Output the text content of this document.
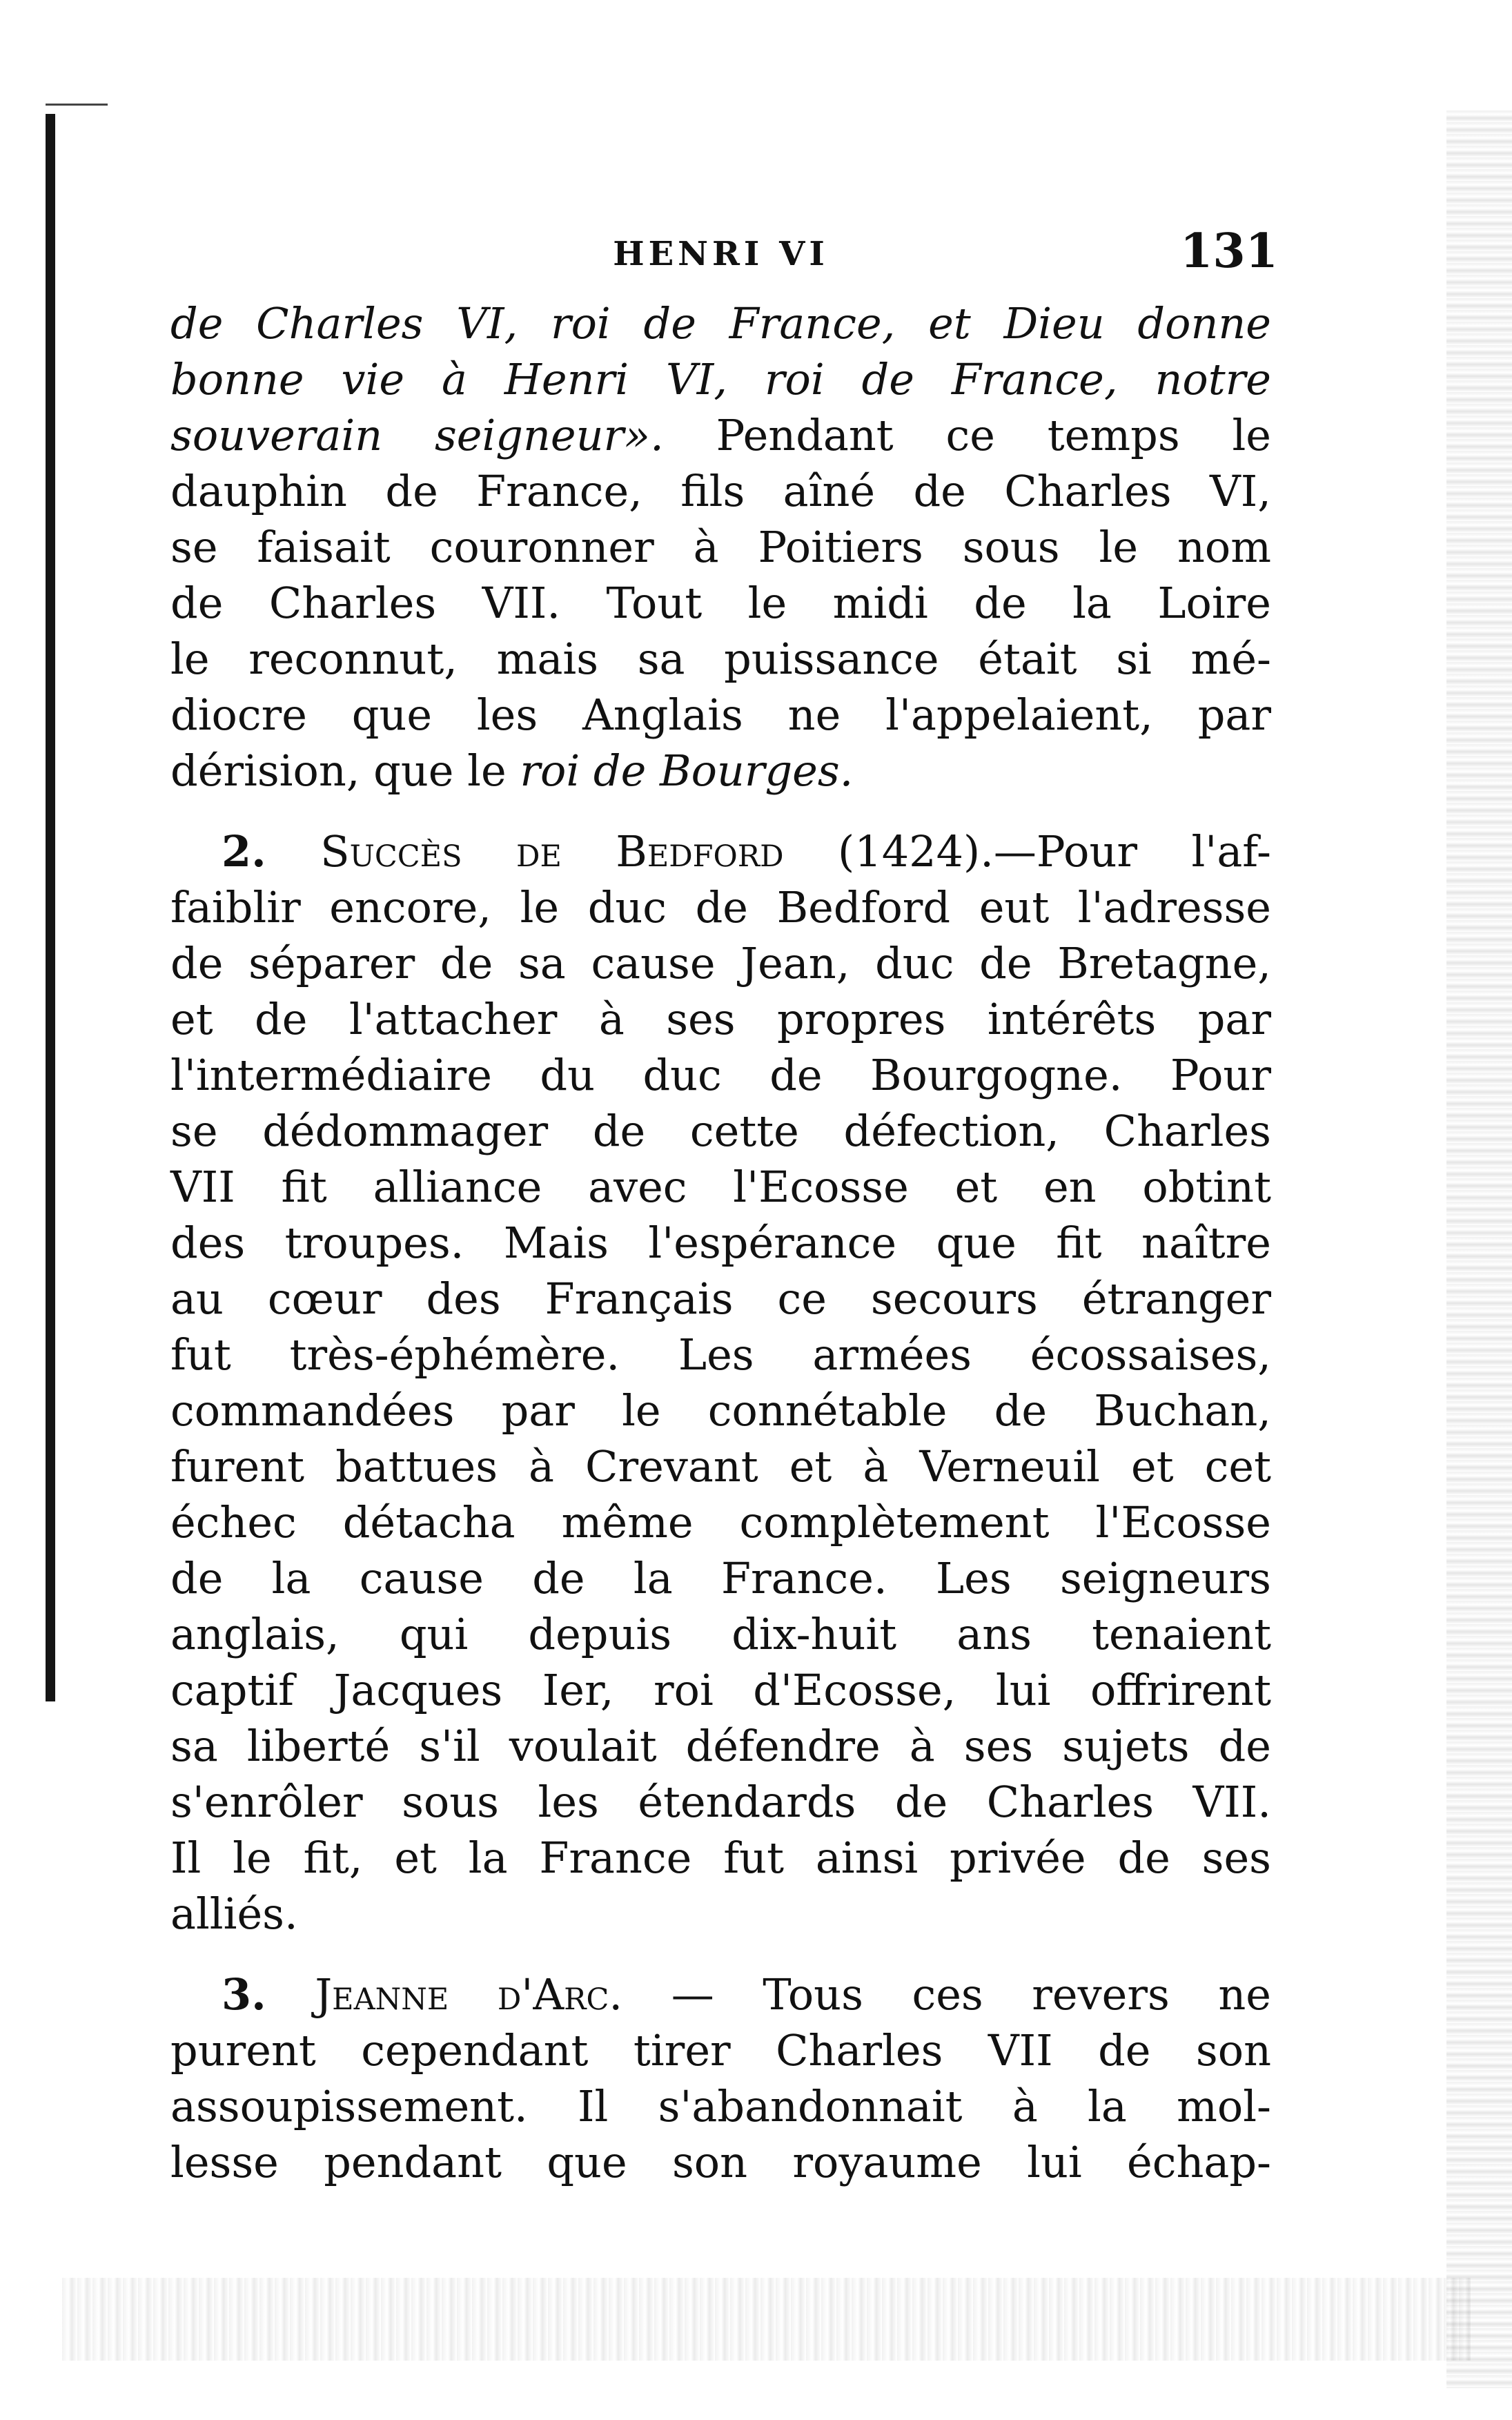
HENRI VI	131
de Charles VI, roi de France, et Dieu donne
bonne vie à Henri VI, roi de France, notre
souverain seigneur». Pendant ce temps le
dauphin de France, fils aîné de Charles VI,
se faisait couronner à Poitiers sous le nom
de Charles VII. Tout le midi de la Loire
le reconnut, mais sa puissance était si mé-
diocre que les Anglais ne l'appelaient, par
dérision, que le roi de Bourges.
2. Succès de Bedford (1424).—Pour l'af-
faiblir encore, le duc de Bedford eut l'adresse
de séparer de sa cause Jean, duc de Bretagne,
et de l'attacher à ses propres intérêts par
l'intermédiaire du duc de Bourgogne. Pour
se dédommager de cette défection, Charles
VII fit alliance avec l'Ecosse et en obtint
des troupes. Mais l'espérance que fit naître
au cœur des Français ce secours étranger
fut très-éphémère. Les armées écossaises,
commandées par le connétable de Buchan,
furent battues à Crevant et à Verneuil et cet
échec détacha même complètement l'Ecosse
de la cause de la France. Les seigneurs
anglais, qui depuis dix-huit ans tenaient
captif Jacques Ier, roi d'Ecosse, lui offrirent
sa liberté s'il voulait défendre à ses sujets de
s'enrôler sous les étendards de Charles VII.
Il le fit, et la France fut ainsi privée de ses
alliés.
3. Jeanne d'Arc. — Tous ces revers ne
purent cependant tirer Charles VII de son
assoupissement. Il s'abandonnait à la mol-
lesse pendant que son royaume lui échap-
